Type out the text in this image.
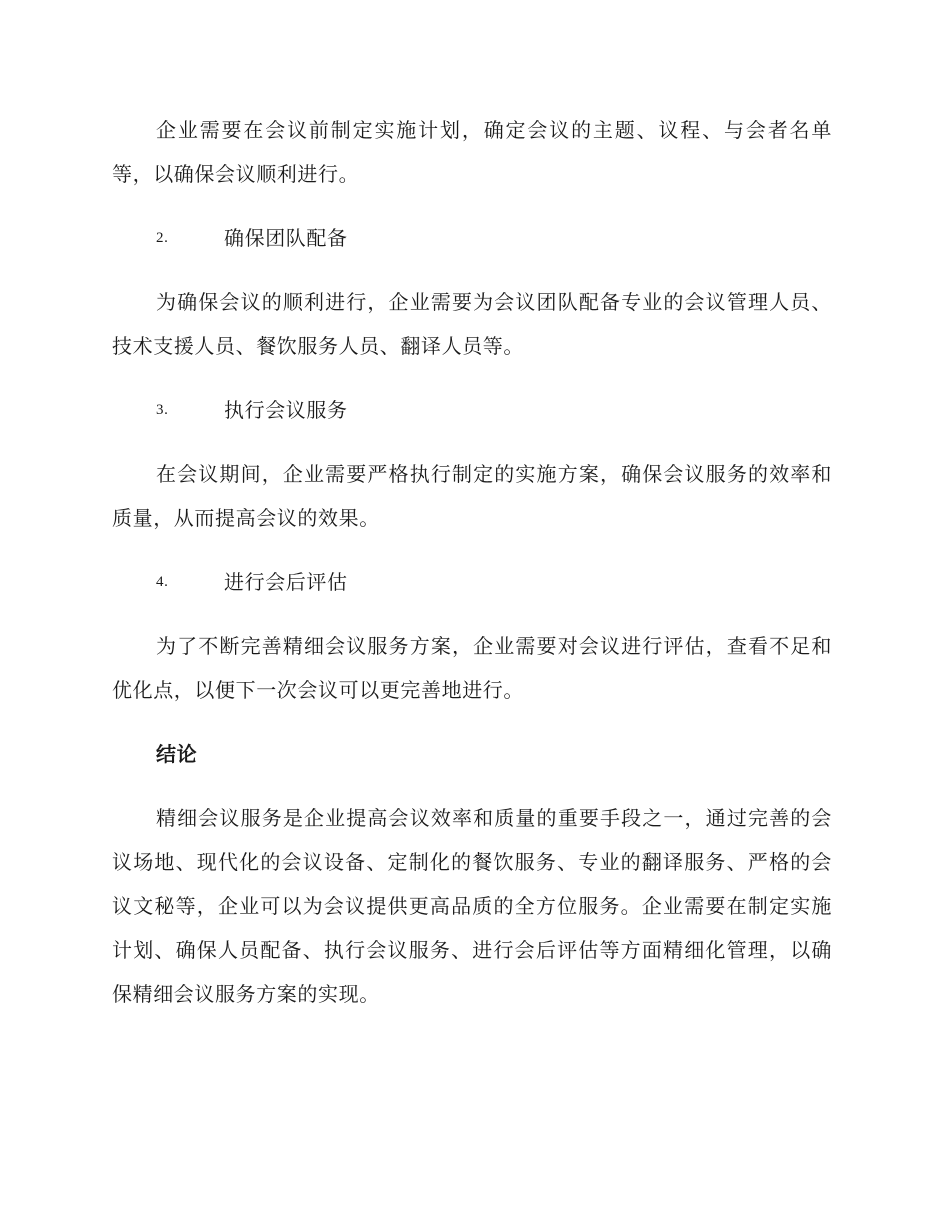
企业需要在会议前制定实施计划，确定会议的主题、议程、与会者名单等，以确保会议顺利进行。

2.	确保团队配备

为确保会议的顺利进行，企业需要为会议团队配备专业的会议管理人员、技术支援人员、餐饮服务人员、翻译人员等。

3.	执行会议服务

在会议期间，企业需要严格执行制定的实施方案，确保会议服务的效率和质量，从而提高会议的效果。

4.	进行会后评估

为了不断完善精细会议服务方案，企业需要对会议进行评估，查看不足和优化点，以便下一次会议可以更完善地进行。

结论

精细会议服务是企业提高会议效率和质量的重要手段之一，通过完善的会议场地、现代化的会议设备、定制化的餐饮服务、专业的翻译服务、严格的会议文秘等，企业可以为会议提供更高品质的全方位服务。企业需要在制定实施计划、确保人员配备、执行会议服务、进行会后评估等方面精细化管理，以确保精细会议服务方案的实现。
